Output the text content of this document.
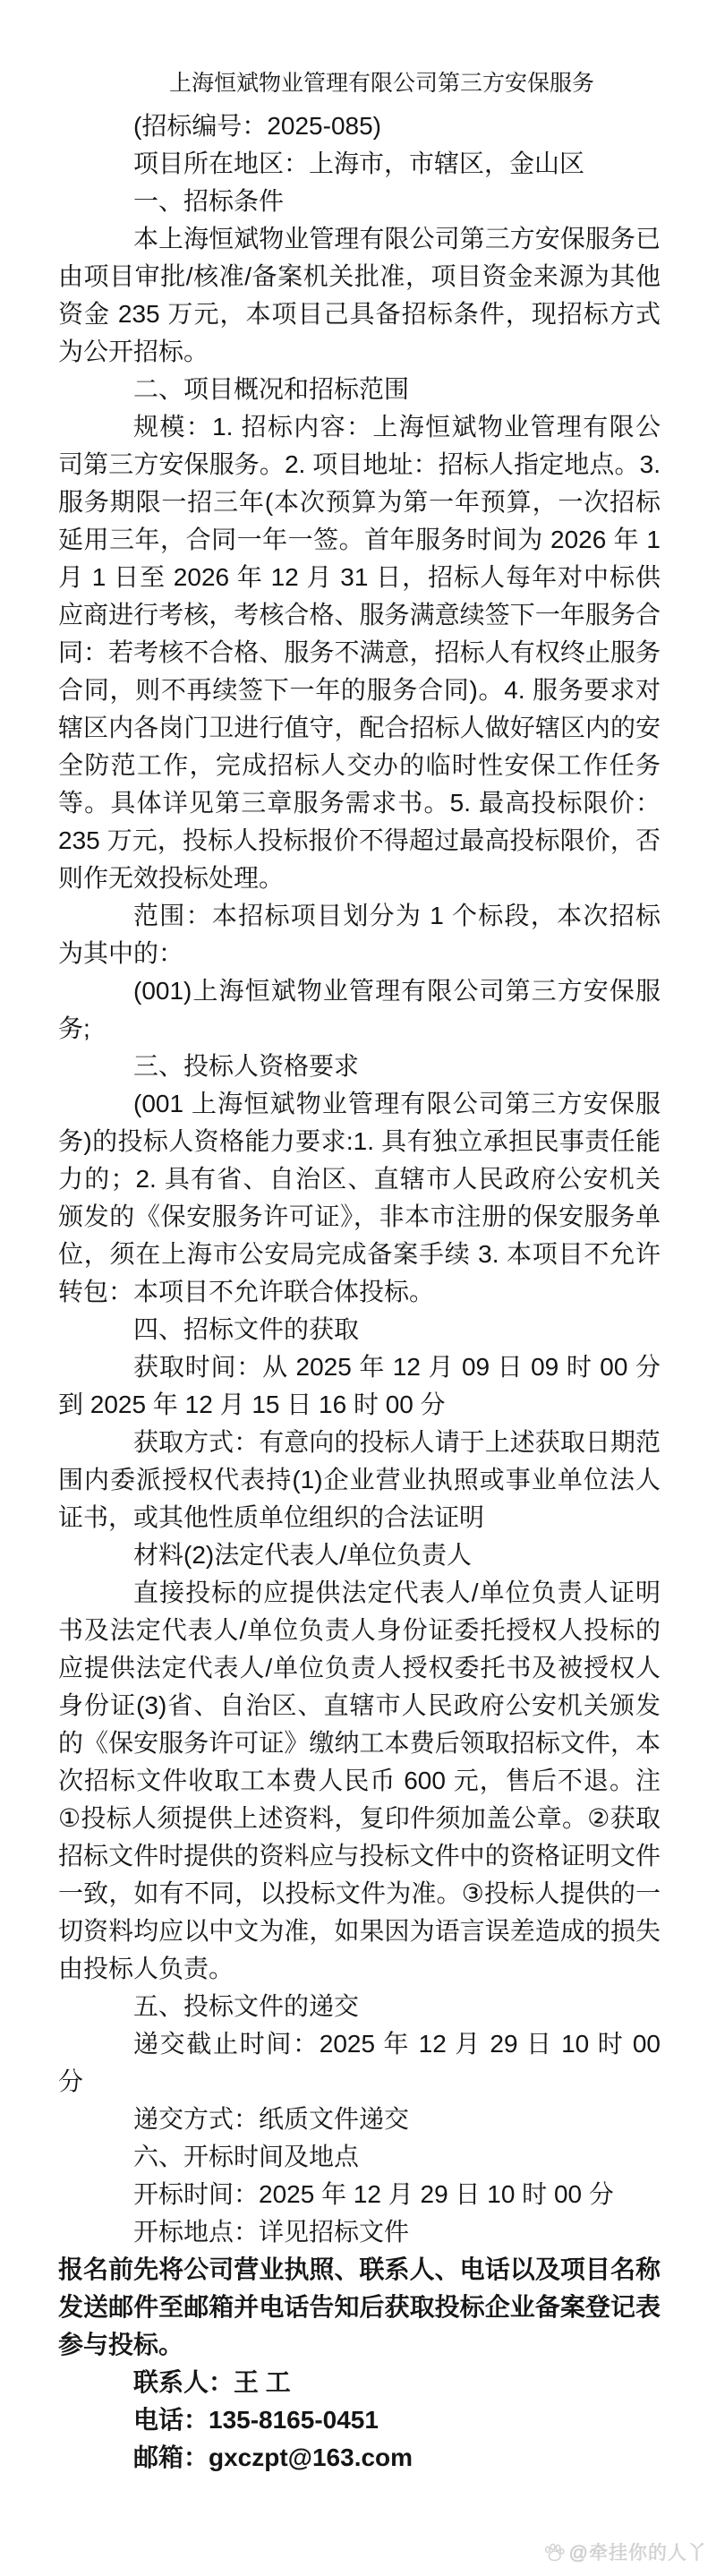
上海恒斌物业管理有限公司第三方安保服务

(招标编号：2025-085)

项目所在地区：上海市，市辖区，金山区

一、招标条件

本上海恒斌物业管理有限公司第三方安保服务已由项目审批/核准/备案机关批准，项目资金来源为其他资金 235 万元，本项目己具备招标条件，现招标方式为公开招标。

二、项目概况和招标范围

规模：1. 招标内容：上海恒斌物业管理有限公司第三方安保服务。2. 项目地址：招标人指定地点。3. 服务期限一招三年(本次预算为第一年预算，一次招标延用三年，合同一年一签。首年服务时间为 2026 年 1 月 1 日至 2026 年 12 月 31 日，招标人每年对中标供应商进行考核，考核合格、服务满意续签下一年服务合同：若考核不合格、服务不满意，招标人有权终止服务合同，则不再续签下一年的服务合同)。4. 服务要求对辖区内各岗门卫进行值守，配合招标人做好辖区内的安全防范工作，完成招标人交办的临时性安保工作任务等。具体详见第三章服务需求书。5. 最高投标限价：235 万元，投标人投标报价不得超过最高投标限价，否则作无效投标处理。

范围：本招标项目划分为 1 个标段，本次招标为其中的：

(001)上海恒斌物业管理有限公司第三方安保服务;

三、投标人资格要求

(001 上海恒斌物业管理有限公司第三方安保服务)的投标人资格能力要求:1. 具有独立承担民事责任能力的；2. 具有省、自治区、直辖市人民政府公安机关颁发的《保安服务许可证》，非本市注册的保安服务单位，须在上海市公安局完成备案手续 3. 本项目不允许转包：本项目不允许联合体投标。

四、招标文件的获取

获取时间：从 2025 年 12 月 09 日 09 时 00 分到 2025 年 12 月 15 日 16 时 00 分

获取方式：有意向的投标人请于上述获取日期范围内委派授权代表持(1)企业营业执照或事业单位法人证书，或其他性质单位组织的合法证明

材料(2)法定代表人/单位负责人

直接投标的应提供法定代表人/单位负责人证明书及法定代表人/单位负责人身份证委托授权人投标的应提供法定代表人/单位负责人授权委托书及被授权人身份证(3)省、自治区、直辖市人民政府公安机关颁发的《保安服务许可证》缴纳工本费后领取招标文件，本次招标文件收取工本费人民币 600 元，售后不退。注①投标人须提供上述资料，复印件须加盖公章。②获取招标文件时提供的资料应与投标文件中的资格证明文件一致，如有不同，以投标文件为准。③投标人提供的一切资料均应以中文为准，如果因为语言误差造成的损失由投标人负责。

五、投标文件的递交

递交截止时间：2025 年 12 月 29 日 10 时 00 分

递交方式：纸质文件递交

六、开标时间及地点

开标时间：2025 年 12 月 29 日 10 时 00 分

开标地点：详见招标文件

报名前先将公司营业执照、联系人、电话以及项目名称发送邮件至邮箱并电话告知后获取投标企业备案登记表参与投标。

联系人：王 工

电话：135-8165-0451

邮箱：gxczpt@163.com

@牵挂你的人丫
